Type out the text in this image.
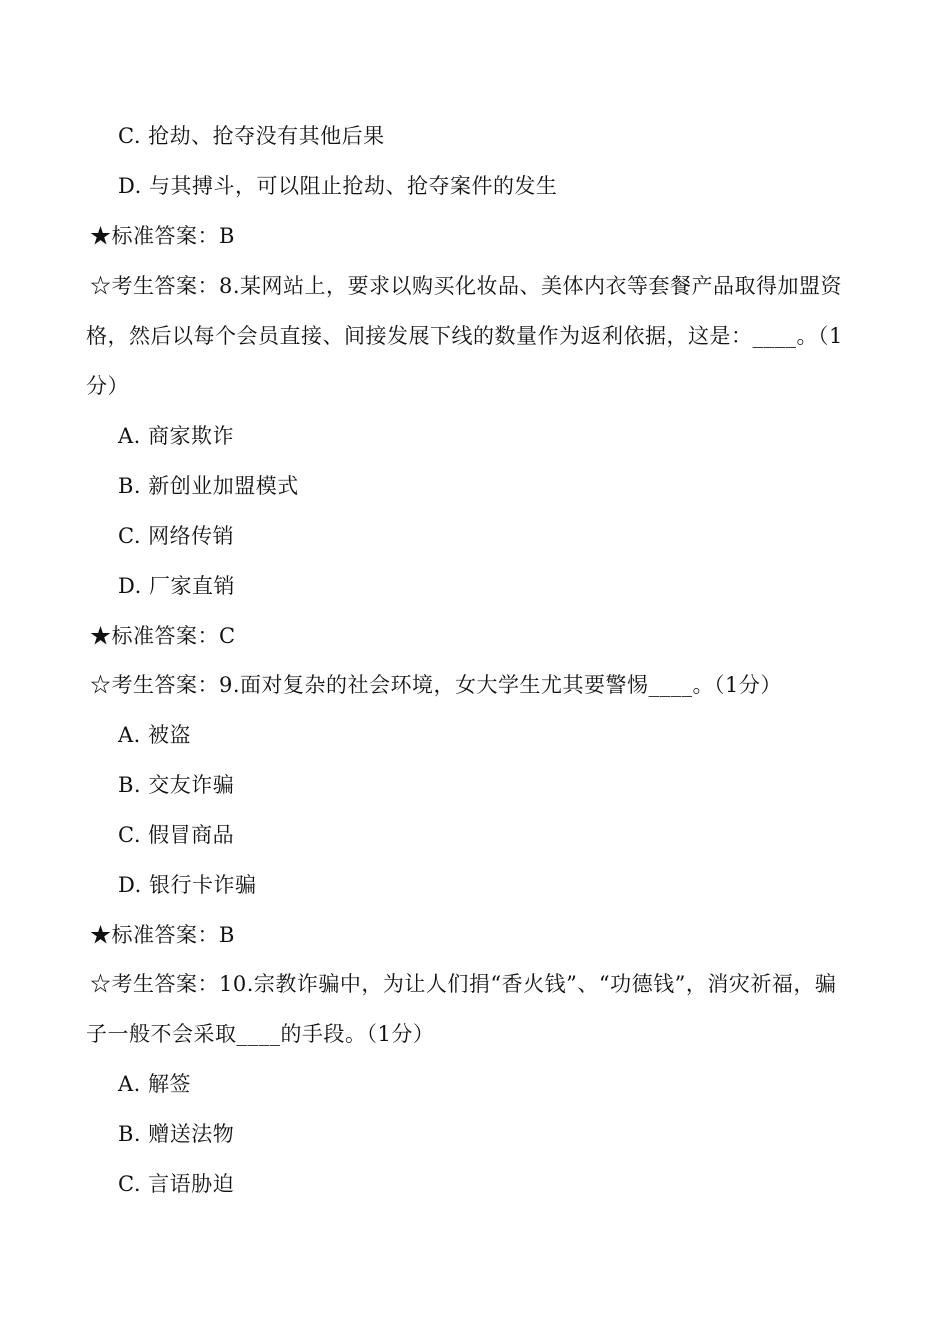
C. 抢劫、抢夺没有其他后果
D. 与其搏斗，可以阻止抢劫、抢夺案件的发生
★标准答案：B
☆考生答案：8.某网站上，要求以购买化妆品、美体内衣等套餐产品取得加盟资
格，然后以每个会员直接、间接发展下线的数量作为返利依据，这是：____。（1
分）
A. 商家欺诈
B. 新创业加盟模式
C. 网络传销
D. 厂家直销
★标准答案：C
☆考生答案：9.面对复杂的社会环境，女大学生尤其要警惕____。（1分）
A. 被盗
B. 交友诈骗
C. 假冒商品
D. 银行卡诈骗
★标准答案：B
☆考生答案：10.宗教诈骗中，为让人们捐“香火钱”、“功德钱”，消灾祈福，骗
子一般不会采取____的手段。（1分）
A. 解签
B. 赠送法物
C. 言语胁迫
